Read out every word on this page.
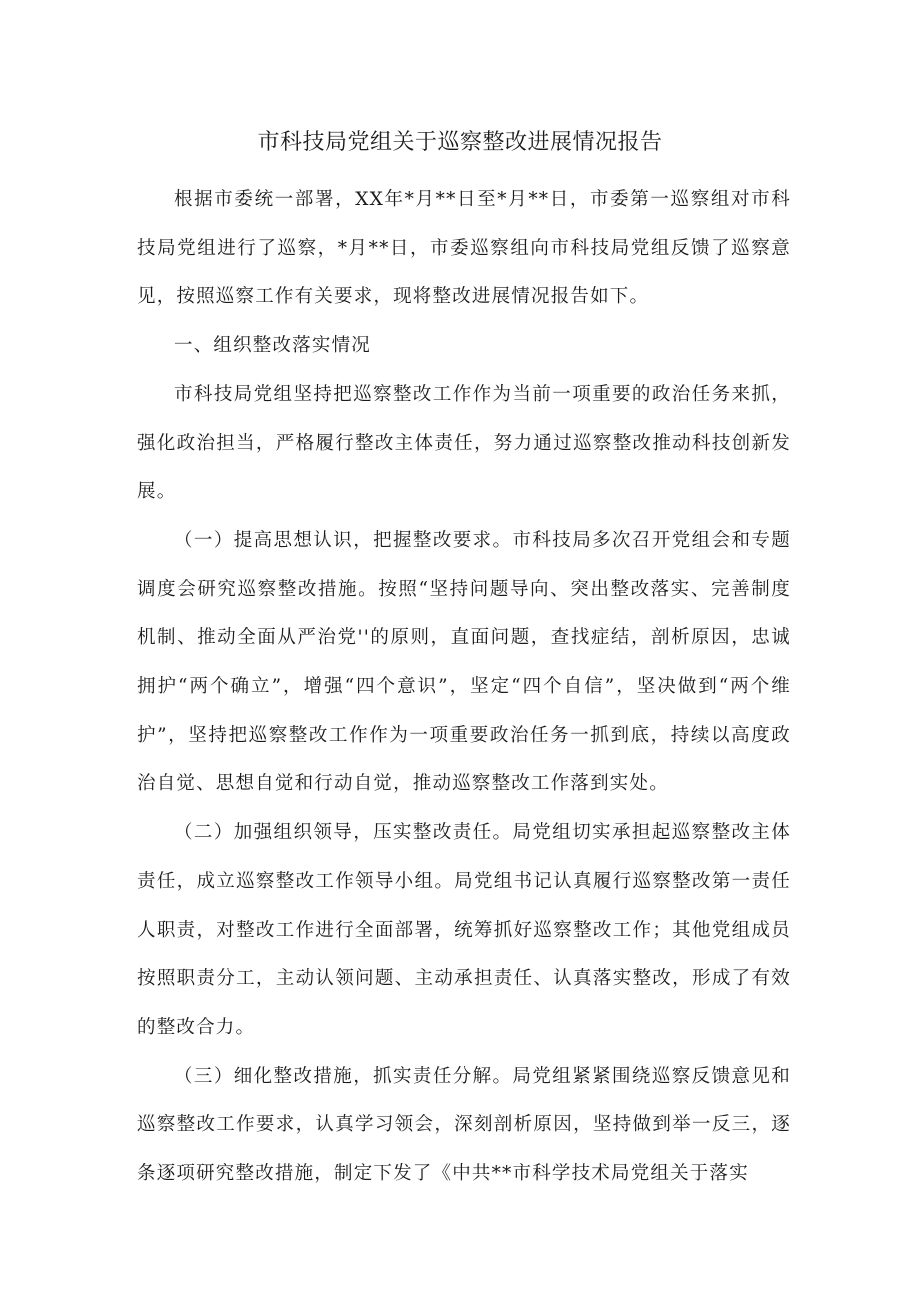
市科技局党组关于巡察整改进展情况报告

根据市委统一部署，XX年*月**日至*月**日，市委第一巡察组对市科技局党组进行了巡察，*月**日，市委巡察组向市科技局党组反馈了巡察意见，按照巡察工作有关要求，现将整改进展情况报告如下。

一、组织整改落实情况

市科技局党组坚持把巡察整改工作作为当前一项重要的政治任务来抓，强化政治担当，严格履行整改主体责任，努力通过巡察整改推动科技创新发展。

（一）提高思想认识，把握整改要求。市科技局多次召开党组会和专题调度会研究巡察整改措施。按照“坚持问题导向、突出整改落实、完善制度机制、推动全面从严治党''的原则，直面问题，查找症结，剖析原因，忠诚拥护“两个确立”，增强“四个意识”，坚定“四个自信”，坚决做到“两个维护”，坚持把巡察整改工作作为一项重要政治任务一抓到底，持续以高度政治自觉、思想自觉和行动自觉，推动巡察整改工作落到实处。

（二）加强组织领导，压实整改责任。局党组切实承担起巡察整改主体责任，成立巡察整改工作领导小组。局党组书记认真履行巡察整改第一责任人职责，对整改工作进行全面部署，统筹抓好巡察整改工作；其他党组成员按照职责分工，主动认领问题、主动承担责任、认真落实整改，形成了有效的整改合力。

（三）细化整改措施，抓实责任分解。局党组紧紧围绕巡察反馈意见和巡察整改工作要求，认真学习领会，深刻剖析原因，坚持做到举一反三，逐条逐项研究整改措施，制定下发了《中共**市科学技术局党组关于落实
